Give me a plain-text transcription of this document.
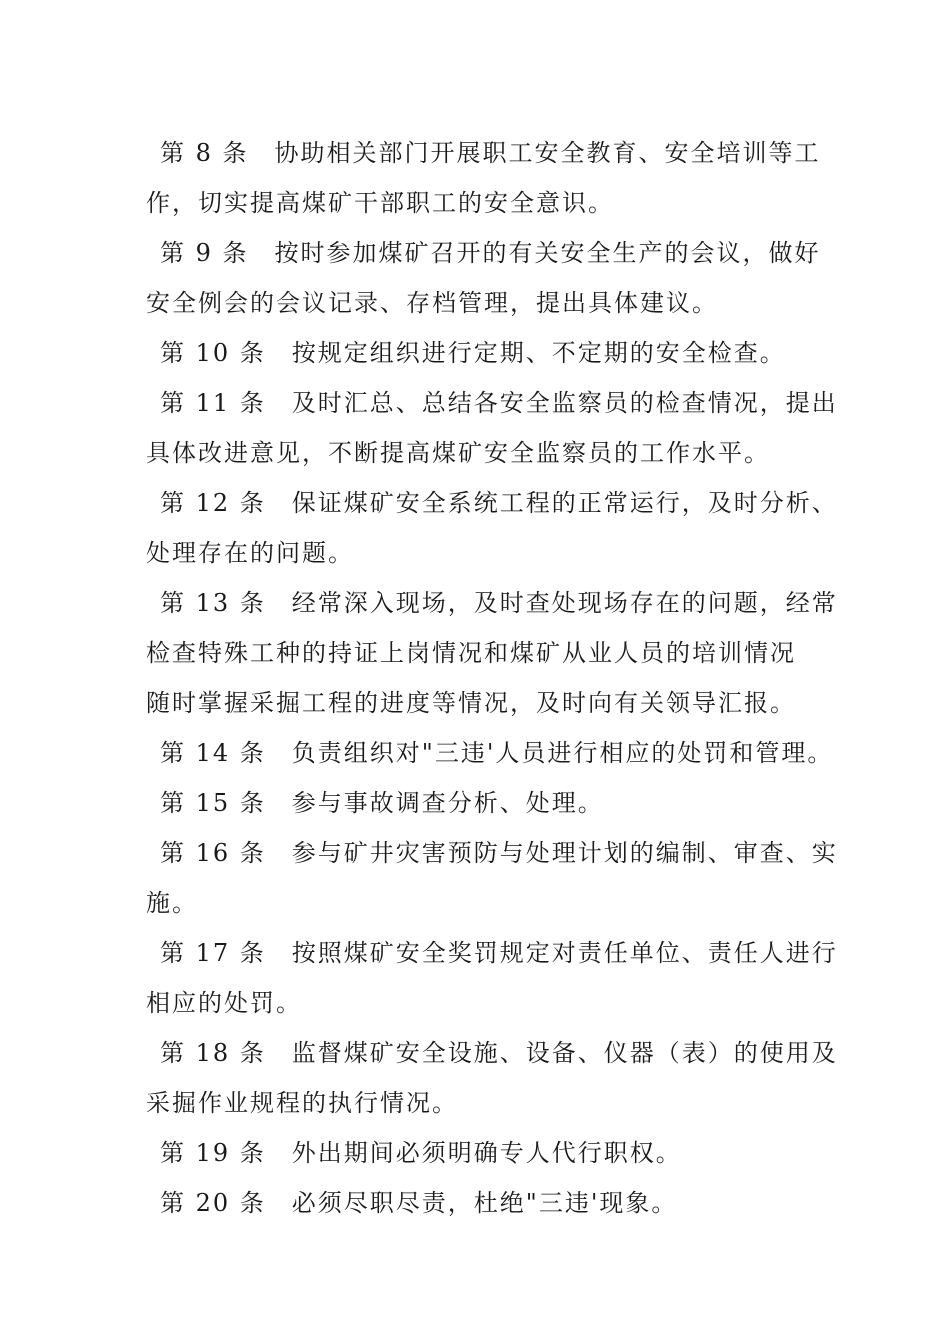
第 8 条　协助相关部门开展职工安全教育、安全培训等工
作，切实提高煤矿干部职工的安全意识。
第 9 条　按时参加煤矿召开的有关安全生产的会议，做好
安全例会的会议记录、存档管理，提出具体建议。
第 10 条　按规定组织进行定期、不定期的安全检查。
第 11 条　及时汇总、总结各安全监察员的检查情况，提出
具体改进意见，不断提高煤矿安全监察员的工作水平。
第 12 条　保证煤矿安全系统工程的正常运行，及时分析、
处理存在的问题。
第 13 条　经常深入现场，及时查处现场存在的问题，经常
检查特殊工种的持证上岗情况和煤矿从业人员的培训情况
随时掌握采掘工程的进度等情况，及时向有关领导汇报。
第 14 条　负责组织对"三违'人员进行相应的处罚和管理。
第 15 条　参与事故调查分析、处理。
第 16 条　参与矿井灾害预防与处理计划的编制、审查、实
施。
第 17 条　按照煤矿安全奖罚规定对责任单位、责任人进行
相应的处罚。
第 18 条　监督煤矿安全设施、设备、仪器（表）的使用及
采掘作业规程的执行情况。
第 19 条　外出期间必须明确专人代行职权。
第 20 条　必须尽职尽责，杜绝"三违'现象。
